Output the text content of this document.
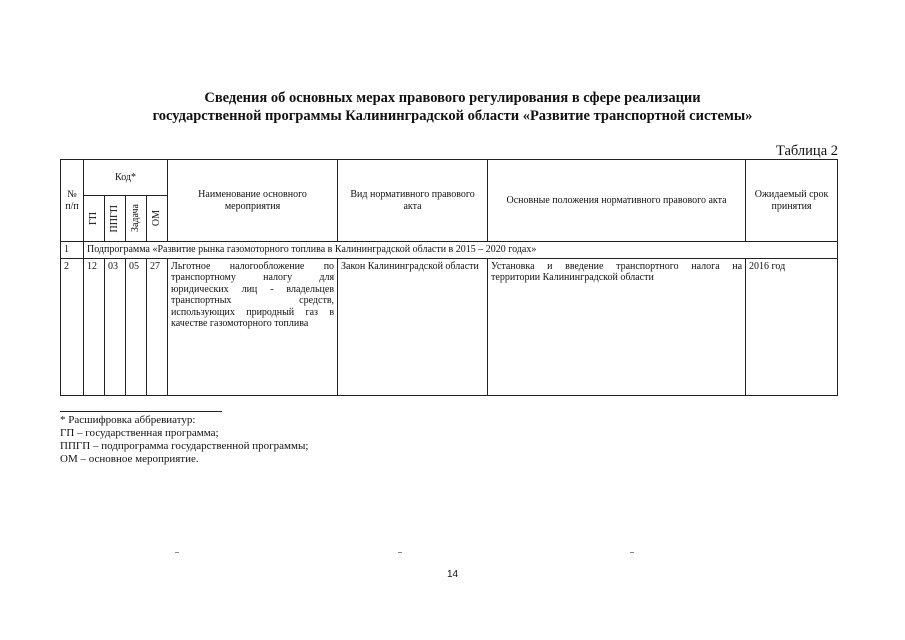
Сведения об основных мерах правового регулирования в сфере реализации
государственной программы Калининградской области «Развитие транспортной системы»
Таблица 2
№ п/п	Код*				Наименование основного мероприятия	Вид нормативного правового акта	Основные положения нормативного правового акта	Ожидаемый срок принятия

	ГП	ППГП	Задача	ОМ				

1	Подпрограмма «Развитие рынка газомоторного топлива в Калининградской области в 2015 – 2020 годах»							
2	12	03	05	27	Льготное налогообложение по транспортному налогу для юридических лиц - владельцев транспортных средств, использующих природный газ в качестве газомоторного топлива	Закон Калининградской области	Установка и введение транспортного налога на территории Калининградской области	2016 год
* Расшифровка аббревиатур:
ГП – государственная программа;
ППГП – подпрограмма государственной программы;
ОМ – основное мероприятие.
14
